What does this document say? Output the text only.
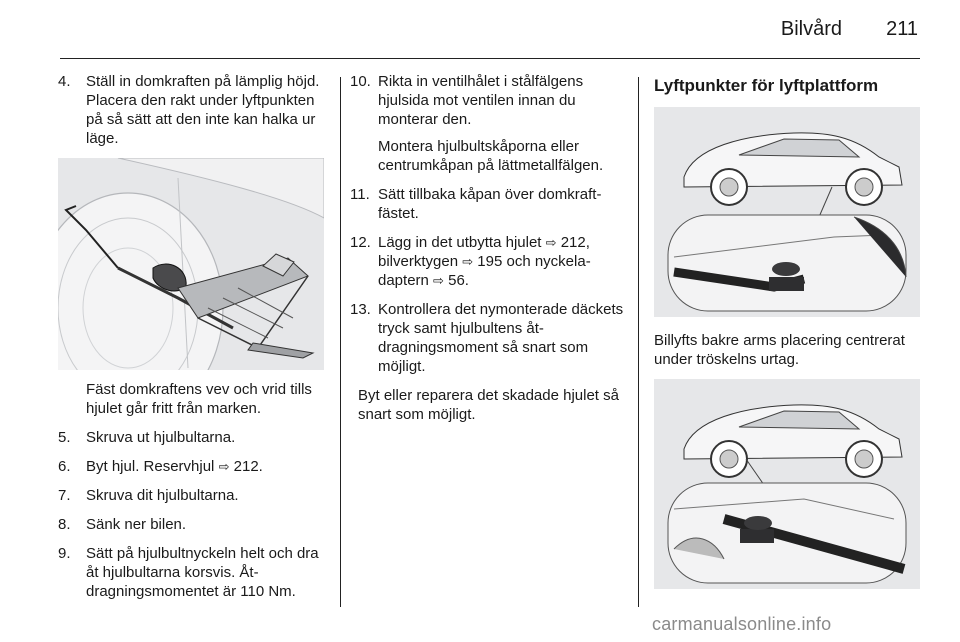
Bilvård 211
4.	Ställ in domkraften på lämplig höjd. Placera den rakt under lyftpunkten på så sätt att den inte kan halka ur läge.
Fäst domkraftens vev och vrid tills hjulet går fritt från marken.
5.	Skruva ut hjulbultarna.
6.	Byt hjul. Reservhjul ⇨ 212.
7.	Skruva dit hjulbultarna.
8.	Sänk ner bilen.
9.	Sätt på hjulbultnyckeln helt och dra åt hjulbultarna korsvis. Åtdragningsmomentet är 110 Nm.
10. Rikta in ventilhålet i stålfälgens hjulsida mot ventilen innan du monterar den.
Montera hjulbultskåporna eller centrumkåpan på lättmetallfälgen.
11. Sätt tillbaka kåpan över domkraftfästet.
12. Lägg in det utbytta hjulet ⇨ 212, bilverktygen ⇨ 195 och nyckeladaptern ⇨ 56.
13. Kontrollera det nymonterade däckets tryck samt hjulbultens åtdragningsmoment så snart som möjligt.
Byt eller reparera det skadade hjulet så snart som möjligt.
Lyftpunkter för lyftplattform
Billyfts bakre arms placering centrerat under tröskelns urtag.
carmanualsonline.info
